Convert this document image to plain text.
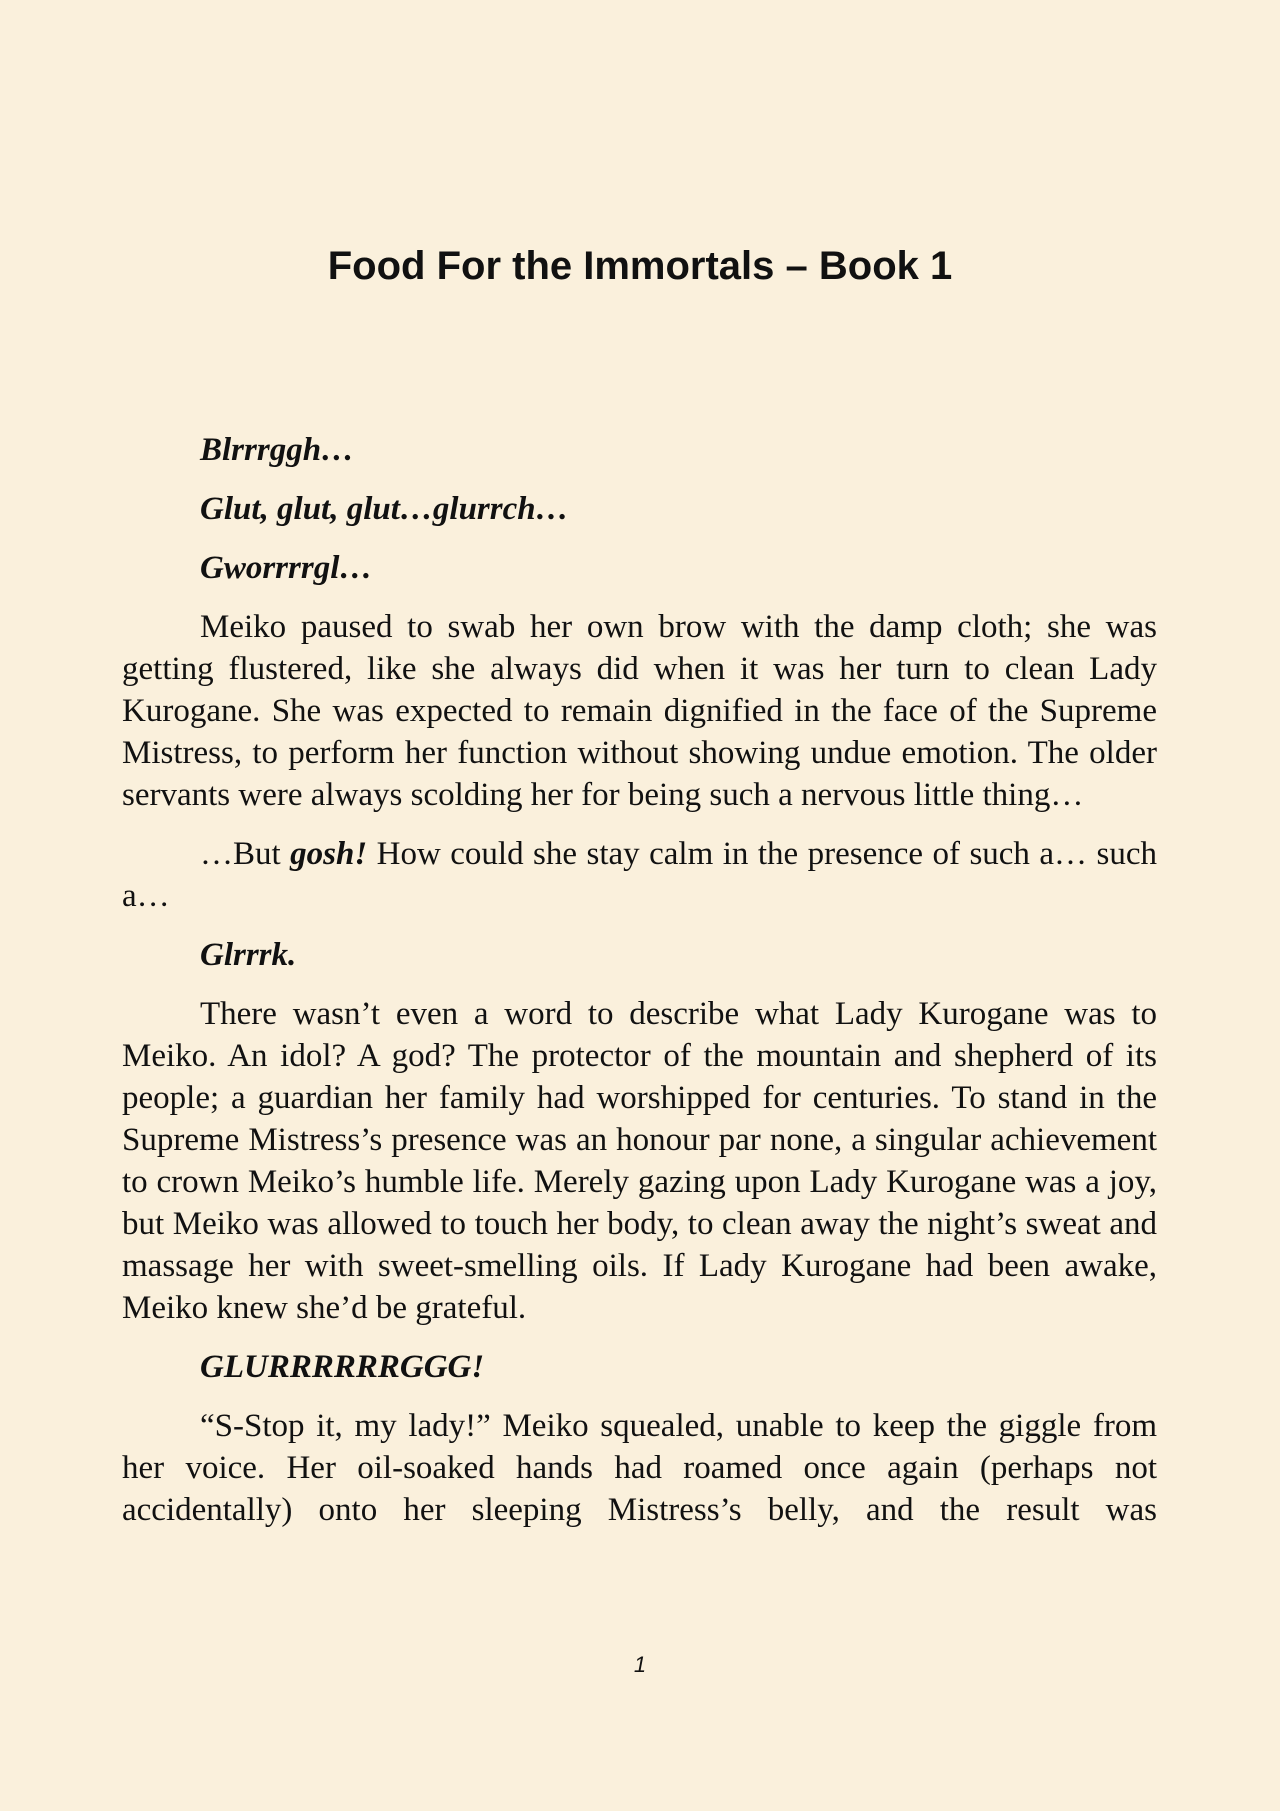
Food For the Immortals – Book 1

Blrrrggh…

Glut, glut, glut…glurrch…

Gworrrrgl…

Meiko paused to swab her own brow with the damp cloth; she was getting flustered, like she always did when it was her turn to clean Lady Kurogane. She was expected to remain dignified in the face of the Supreme Mistress, to perform her function without showing undue emotion. The older servants were always scolding her for being such a nervous little thing…

…But gosh! How could she stay calm in the presence of such a… such a…

Glrrrk.

There wasn’t even a word to describe what Lady Kurogane was to Meiko. An idol? A god? The protector of the mountain and shepherd of its people; a guardian her family had worshipped for centuries. To stand in the Supreme Mistress’s presence was an honour par none, a singular achievement to crown Meiko’s humble life. Merely gazing upon Lady Kurogane was a joy, but Meiko was allowed to touch her body, to clean away the night’s sweat and massage her with sweet-smelling oils. If Lady Kurogane had been awake, Meiko knew she’d be grateful.

GLURRRRRRGGG!

“S-Stop it, my lady!” Meiko squealed, unable to keep the giggle from her voice. Her oil-soaked hands had roamed once again (perhaps not accidentally) onto her sleeping Mistress’s belly, and the result was

1
